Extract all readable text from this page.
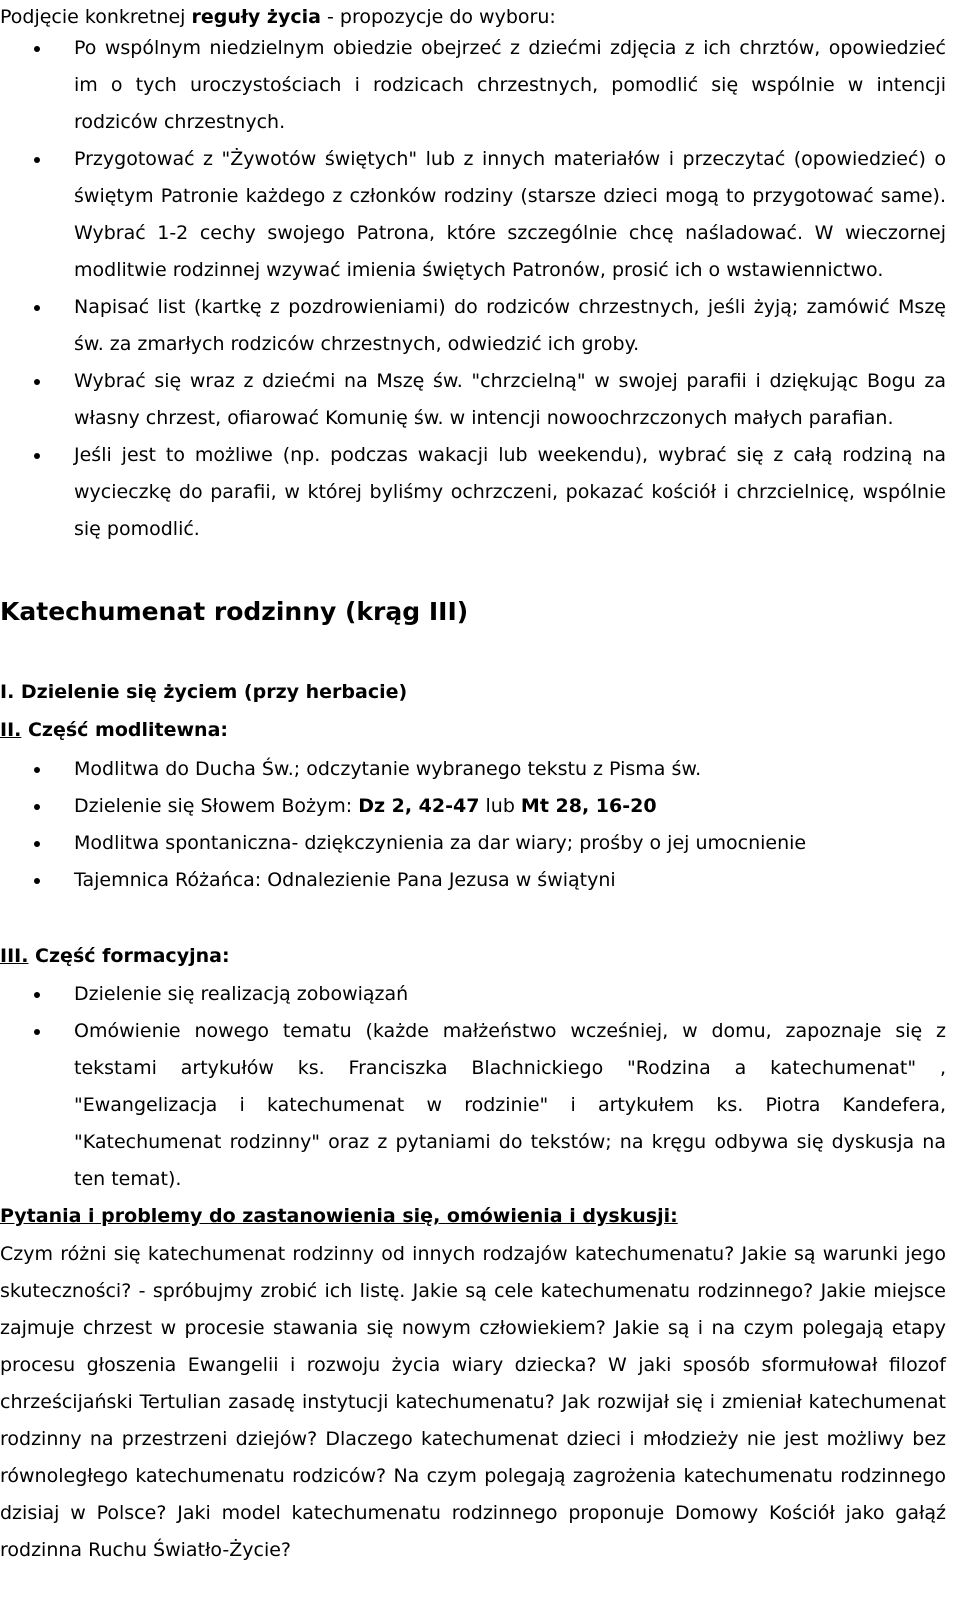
Podjęcie konkretnej reguły życia - propozycje do wyboru:

Po wspólnym niedzielnym obiedzie obejrzeć z dziećmi zdjęcia z ich chrztów, opowiedzieć im o tych uroczystościach i rodzicach chrzestnych, pomodlić się wspólnie w intencji rodziców chrzestnych.
Przygotować z "Żywotów świętych" lub z innych materiałów i przeczytać (opowiedzieć) o świętym Patronie każdego z członków rodziny (starsze dzieci mogą to przygotować same). Wybrać 1-2 cechy swojego Patrona, które szczególnie chcę naśladować. W wieczornej modlitwie rodzinnej wzywać imienia świętych Patronów, prosić ich o wstawiennictwo.
Napisać list (kartkę z pozdrowieniami) do rodziców chrzestnych, jeśli żyją; zamówić Mszę św. za zmarłych rodziców chrzestnych, odwiedzić ich groby.
Wybrać się wraz z dziećmi na Mszę św. "chrzcielną" w swojej parafii i dziękując Bogu za własny chrzest, ofiarować Komunię św. w intencji nowoochrzczonych małych parafian.
Jeśli jest to możliwe (np. podczas wakacji lub weekendu), wybrać się z całą rodziną na wycieczkę do parafii, w której byliśmy ochrzczeni, pokazać kościół i chrzcielnicę, wspólnie się pomodlić.
Katechumenat rodzinny (krąg III)

I. Dzielenie się życiem (przy herbacie)

II. Część modlitewna:

Modlitwa do Ducha Św.; odczytanie wybranego tekstu z Pisma św.
Dzielenie się Słowem Bożym: Dz 2, 42-47 lub Mt 28, 16-20
Modlitwa spontaniczna- dziękczynienia za dar wiary; prośby o jej umocnienie
Tajemnica Różańca: Odnalezienie Pana Jezusa w świątyni

III. Część formacyjna:

Dzielenie się realizacją zobowiązań
Omówienie nowego tematu (każde małżeństwo wcześniej, w domu, zapoznaje się z tekstami artykułów ks. Franciszka Blachnickiego "Rodzina a katechumenat" , "Ewangelizacja i katechumenat w rodzinie" i artykułem ks. Piotra Kandefera, "Katechumenat rodzinny" oraz z pytaniami do tekstów; na kręgu odbywa się dyskusja na ten temat).

Pytania i problemy do zastanowienia się, omówienia i dyskusji:

Czym różni się katechumenat rodzinny od innych rodzajów katechumenatu? Jakie są warunki jego skuteczności? - spróbujmy zrobić ich listę. Jakie są cele katechumenatu rodzinnego? Jakie miejsce zajmuje chrzest w procesie stawania się nowym człowiekiem? Jakie są i na czym polegają etapy procesu głoszenia Ewangelii i rozwoju życia wiary dziecka? W jaki sposób sformułował filozof chrześcijański Tertulian zasadę instytucji katechumenatu? Jak rozwijał się i zmieniał katechumenat rodzinny na przestrzeni dziejów? Dlaczego katechumenat dzieci i młodzieży nie jest możliwy bez równoległego katechumenatu rodziców? Na czym polegają zagrożenia katechumenatu rodzinnego dzisiaj w Polsce? Jaki model katechumenatu rodzinnego proponuje Domowy Kościół jako gałąź rodzinna Ruchu Światło-Życie?
